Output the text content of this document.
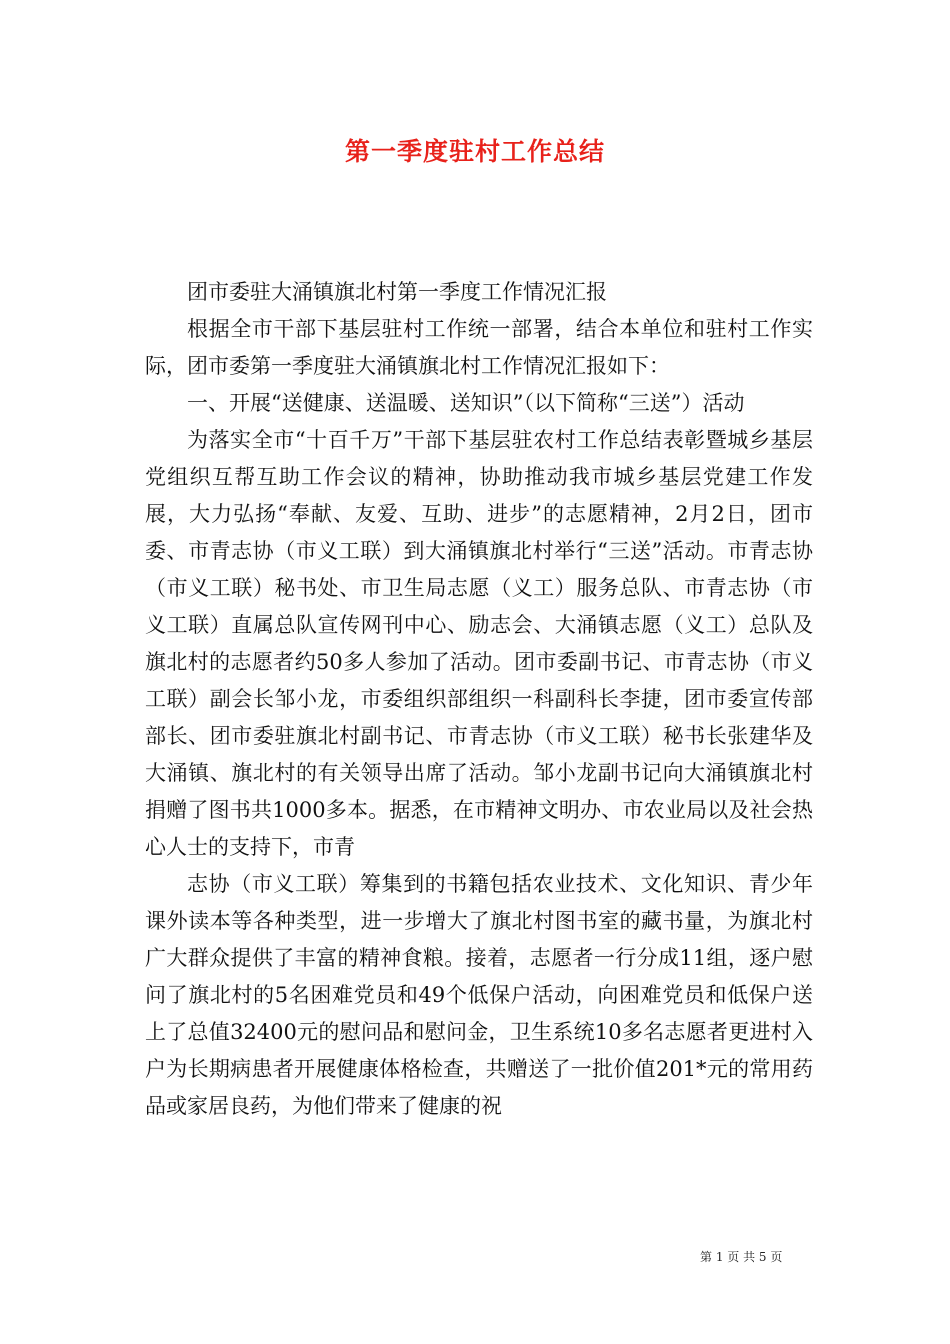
第一季度驻村工作总结

团市委驻大涌镇旗北村第一季度工作情况汇报

根据全市干部下基层驻村工作统一部署，结合本单位和驻村工作实际，团市委第一季度驻大涌镇旗北村工作情况汇报如下：

一、开展“送健康、送温暖、送知识”（以下简称“三送”）活动

为落实全市“十百千万”干部下基层驻农村工作总结表彰暨城乡基层党组织互帮互助工作会议的精神，协助推动我市城乡基层党建工作发展，大力弘扬“奉献、友爱、互助、进步”的志愿精神，2月2日，团市委、市青志协（市义工联）到大涌镇旗北村举行“三送”活动。市青志协（市义工联）秘书处、市卫生局志愿（义工）服务总队、市青志协（市义工联）直属总队宣传网刊中心、励志会、大涌镇志愿（义工）总队及旗北村的志愿者约50多人参加了活动。团市委副书记、市青志协（市义工联）副会长邹小龙，市委组织部组织一科副科长李捷，团市委宣传部部长、团市委驻旗北村副书记、市青志协（市义工联）秘书长张建华及大涌镇、旗北村的有关领导出席了活动。邹小龙副书记向大涌镇旗北村捐赠了图书共1000多本。据悉，在市精神文明办、市农业局以及社会热心人士的支持下，市青

志协（市义工联）筹集到的书籍包括农业技术、文化知识、青少年课外读本等各种类型，进一步增大了旗北村图书室的藏书量，为旗北村广大群众提供了丰富的精神食粮。接着，志愿者一行分成11组，逐户慰问了旗北村的5名困难党员和49个低保户活动，向困难党员和低保户送上了总值32400元的慰问品和慰问金，卫生系统10多名志愿者更进村入户为长期病患者开展健康体格检查，共赠送了一批价值201*元的常用药品或家居良药，为他们带来了健康的祝

第 1 页 共 5 页
